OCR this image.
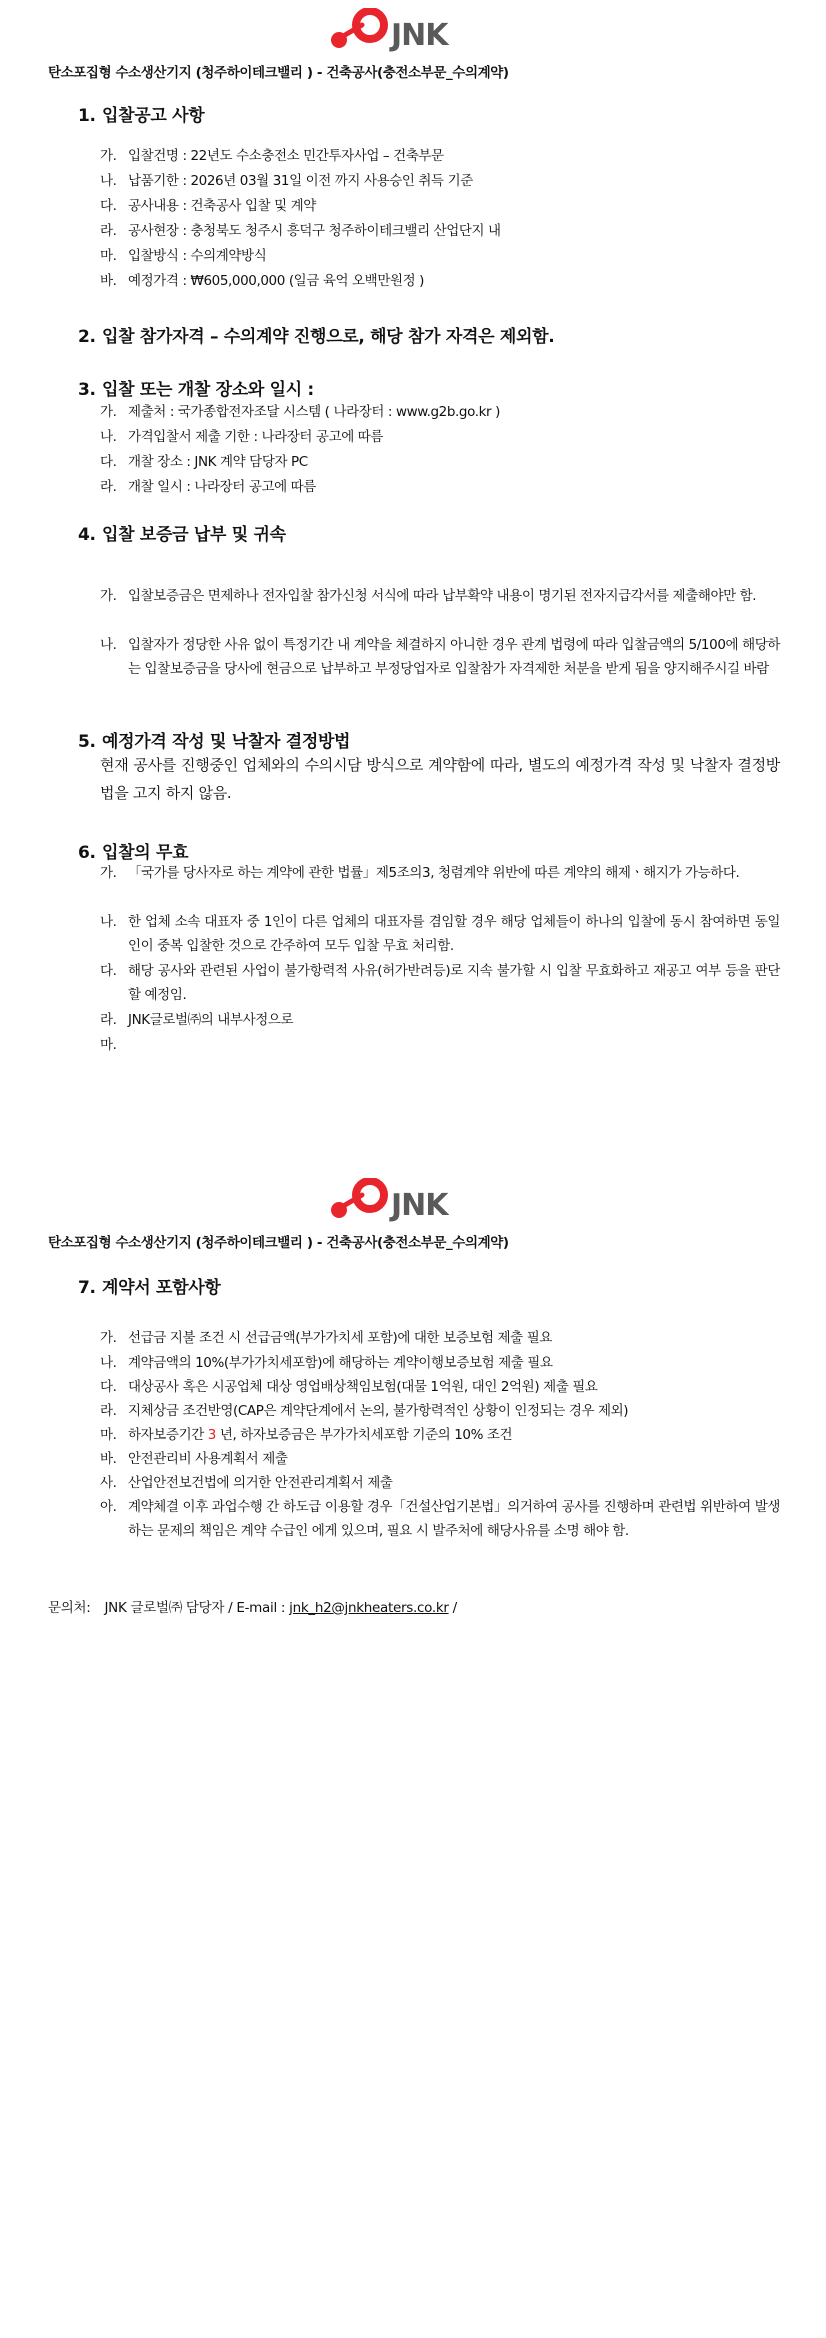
JNK
탄소포집형 수소생산기지 (청주하이테크밸리 ) - 건축공사(충전소부문_수의계약)
1. 입찰공고 사항
가. 입찰건명 : 22년도 수소충전소 민간투자사업 – 건축부문
나. 납품기한 : 2026년 03월 31일 이전 까지 사용승인 취득 기준
다. 공사내용 : 건축공사 입찰 및 계약
라. 공사현장 : 충청북도 청주시 흥덕구 청주하이테크밸리 산업단지 내
마. 입찰방식 : 수의계약방식
바. 예정가격 : ₩605,000,000 (일금 육억 오백만원정 )
2. 입찰 참가자격 – 수의계약 진행으로, 해당 참가 자격은 제외함.
3. 입찰 또는 개찰 장소와 일시 :
가. 제출처 : 국가종합전자조달 시스템 ( 나라장터 : www.g2b.go.kr )
나. 가격입찰서 제출 기한 : 나라장터 공고에 따름
다. 개찰 장소 : JNK 계약 담당자 PC
라. 개찰 일시 : 나라장터 공고에 따름
4. 입찰 보증금 납부 및 귀속
가. 입찰보증금은 면제하나 전자입찰 참가신청 서식에 따라 납부확약 내용이 명기된 전자지급각서를 제출해야만 함.
나. 입찰자가 정당한 사유 없이 특정기간 내 계약을 체결하지 아니한 경우 관계 법령에 따라 입찰금액의 5/100에 해당하는 입찰보증금을 당사에 현금으로 납부하고 부정당업자로 입찰참가 자격제한 처분을 받게 됨을 양지해주시길 바람
5. 예정가격 작성 및 낙찰자 결정방법
현재 공사를 진행중인 업체와의 수의시담 방식으로 계약함에 따라, 별도의 예정가격 작성 및 낙찰자 결정방법을 고지 하지 않음.
6. 입찰의 무효
가. 「국가를 당사자로 하는 계약에 관한 법률」제5조의3, 청렴계약 위반에 따른 계약의 해제ㆍ해지가 가능하다.
나. 한 업체 소속 대표자 중 1인이 다른 업체의 대표자를 겸임할 경우 해당 업체들이 하나의 입찰에 동시 참여하면 동일인이 중복 입찰한 것으로 간주하여 모두 입찰 무효 처리함.
다. 해당 공사와 관련된 사업이 불가항력적 사유(허가반려등)로 지속 불가할 시 입찰 무효화하고 재공고 여부 등을 판단할 예정임.
라. JNK글로벌㈜의 내부사정으로
마.
JNK
탄소포집형 수소생산기지 (청주하이테크밸리 ) - 건축공사(충전소부문_수의계약)
7. 계약서 포함사항
가. 선급금 지불 조건 시 선급금액(부가가치세 포함)에 대한 보증보험 제출 필요
나. 계약금액의 10%(부가가치세포함)에 해당하는 계약이행보증보험 제출 필요
다. 대상공사 혹은 시공업체 대상 영업배상책임보험(대물 1억원, 대인 2억원) 제출 필요
라. 지체상금 조건반영(CAP은 계약단계에서 논의, 불가항력적인 상황이 인정되는 경우 제외)
마. 하자보증기간 3 년, 하자보증금은 부가가치세포함 기준의 10% 조건
바. 안전관리비 사용계획서 제출
사. 산업안전보건법에 의거한 안전관리계획서 제출
아. 계약체결 이후 과업수행 간 하도급 이용할 경우「건설산업기본법」의거하여 공사를 진행하며 관련법 위반하여 발생하는 문제의 책임은 계약 수급인 에게 있으며, 필요 시 발주처에 해당사유를 소명 해야 함.
문의처: JNK 글로벌㈜ 담당자 / E-mail : jnk_h2@jnkheaters.co.kr /
